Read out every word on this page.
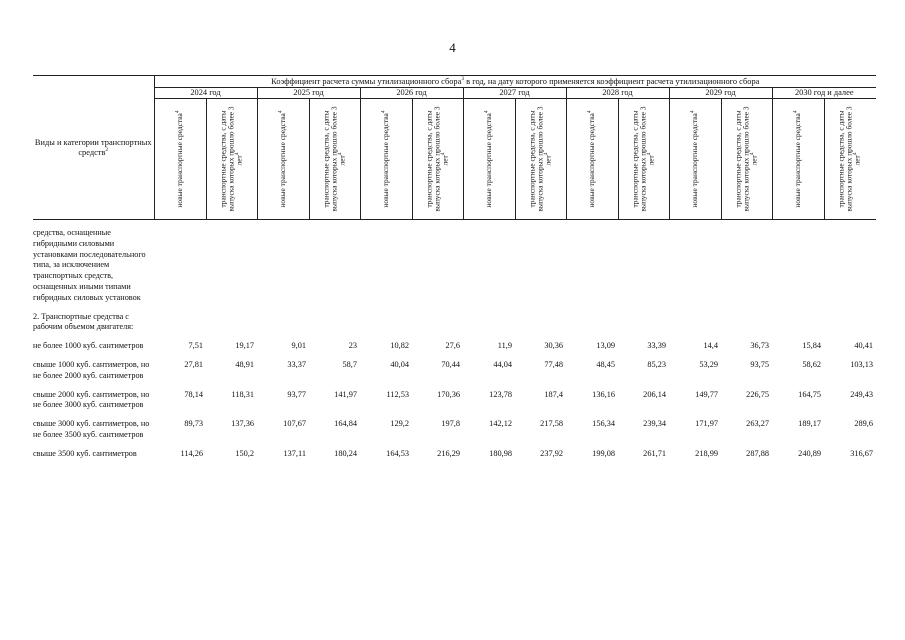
4
Виды и категории транспортных средств$^2$	Коэффициент расчета суммы утилизационного сбора$^3$ в год, на дату которого применяется коэффициент расчета утилизационного сбора													
	2024 год		2025 год		2026 год		2027 год		2028 год		2029 год		2030 год и далее	

	новые транспортные средства$^4$	транспортные средства, с даты выпуска которых прошло более 3 лет$^4$	новые транспортные средства$^4$	транспортные средства, с даты выпуска которых прошло более 3 лет$^4$	новые транспортные средства$^4$	транспортные средства, с даты выпуска которых прошло более 3 лет$^4$	новые транспортные средства$^4$	транспортные средства, с даты выпуска которых прошло более 3 лет$^4$	новые транспортные средства$^4$	транспортные средства, с даты выпуска которых прошло более 3 лет$^4$	новые транспортные средства$^4$	транспортные средства, с даты выпуска которых прошло более 3 лет$^4$	новые транспортные средства$^4$	транспортные средства, с даты выпуска которых прошло более 3 лет$^4$

средства, оснащенные гибридными силовыми установками последовательного типа, за исключением транспортных средств, оснащенных иными типами гибридных силовых установок														

2. Транспортные средства с рабочим объемом двигателя:														

не более 1000 куб. сантиметров	7,51	19,17	9,01	23	10,82	27,6	11,9	30,36	13,09	33,39	14,4	36,73	15,84	40,41

свыше 1000 куб. сантиметров, но не более 2000 куб. сантиметров	27,81	48,91	33,37	58,7	40,04	70,44	44,04	77,48	48,45	85,23	53,29	93,75	58,62	103,13

свыше 2000 куб. сантиметров, но не более 3000 куб. сантиметров	78,14	118,31	93,77	141,97	112,53	170,36	123,78	187,4	136,16	206,14	149,77	226,75	164,75	249,43

свыше 3000 куб. сантиметров, но не более 3500 куб. сантиметров	89,73	137,36	107,67	164,84	129,2	197,8	142,12	217,58	156,34	239,34	171,97	263,27	189,17	289,6

свыше 3500 куб. сантиметров	114,26	150,2	137,11	180,24	164,53	216,29	180,98	237,92	199,08	261,71	218,99	287,88	240,89	316,67
